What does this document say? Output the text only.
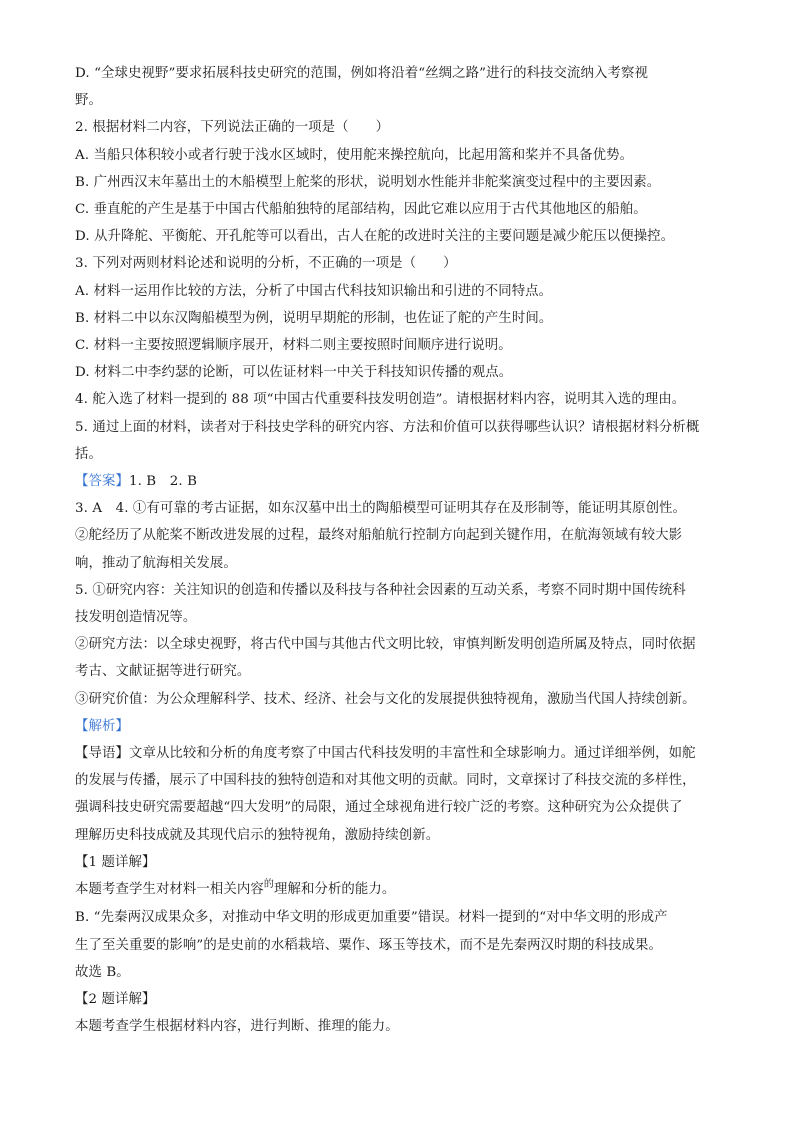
D. “全球史视野”要求拓展科技史研究的范围，例如将沿着“丝绸之路”进行的科技交流纳入考察视
野。
2. 根据材料二内容，下列说法正确的一项是（　　）
A. 当船只体积较小或者行驶于浅水区域时，使用舵来操控航向，比起用篙和桨并不具备优势。
B. 广州西汉末年墓出土的木船模型上舵桨的形状，说明划水性能并非舵桨演变过程中的主要因素。
C. 垂直舵的产生是基于中国古代船舶独特的尾部结构，因此它难以应用于古代其他地区的船舶。
D. 从升降舵、平衡舵、开孔舵等可以看出，古人在舵的改进时关注的主要问题是减少舵压以便操控。
3. 下列对两则材料论述和说明的分析，不正确的一项是（　　）
A. 材料一运用作比较的方法，分析了中国古代科技知识输出和引进的不同特点。
B. 材料二中以东汉陶船模型为例，说明早期舵的形制，也佐证了舵的产生时间。
C. 材料一主要按照逻辑顺序展开，材料二则主要按照时间顺序进行说明。
D. 材料二中李约瑟的论断，可以佐证材料一中关于科技知识传播的观点。
4. 舵入选了材料一提到的 88 项“中国古代重要科技发明创造”。请根据材料内容，说明其入选的理由。
5. 通过上面的材料，读者对于科技史学科的研究内容、方法和价值可以获得哪些认识？请根据材料分析概
括。
【答案】1. B　2. B
3. A　4. ①有可靠的考古证据，如东汉墓中出土的陶船模型可证明其存在及形制等，能证明其原创性。
②舵经历了从舵桨不断改进发展的过程，最终对船舶航行控制方向起到关键作用，在航海领域有较大影
响，推动了航海相关发展。
5. ①研究内容：关注知识的创造和传播以及科技与各种社会因素的互动关系，考察不同时期中国传统科
技发明创造情况等。
②研究方法：以全球史视野，将古代中国与其他古代文明比较，审慎判断发明创造所属及特点，同时依据
考古、文献证据等进行研究。
③研究价值：为公众理解科学、技术、经济、社会与文化的发展提供独特视角，激励当代国人持续创新。
【解析】
【导语】文章从比较和分析的角度考察了中国古代科技发明的丰富性和全球影响力。通过详细举例，如舵
的发展与传播，展示了中国科技的独特创造和对其他文明的贡献。同时，文章探讨了科技交流的多样性，
强调科技史研究需要超越“四大发明”的局限，通过全球视角进行较广泛的考察。这种研究为公众提供了
理解历史科技成就及其现代启示的独特视角，激励持续创新。
【1 题详解】
本题考查学生对材料一相关内容$^的$理解和分析的能力。
B. “先秦两汉成果众多，对推动中华文明的形成更加重要”错误。材料一提到的“对中华文明的形成产
生了至关重要的影响”的是史前的水稻栽培、粟作、琢玉等技术，而不是先秦两汉时期的科技成果。
故选 B。
【2 题详解】
本题考查学生根据材料内容，进行判断、推理的能力。
